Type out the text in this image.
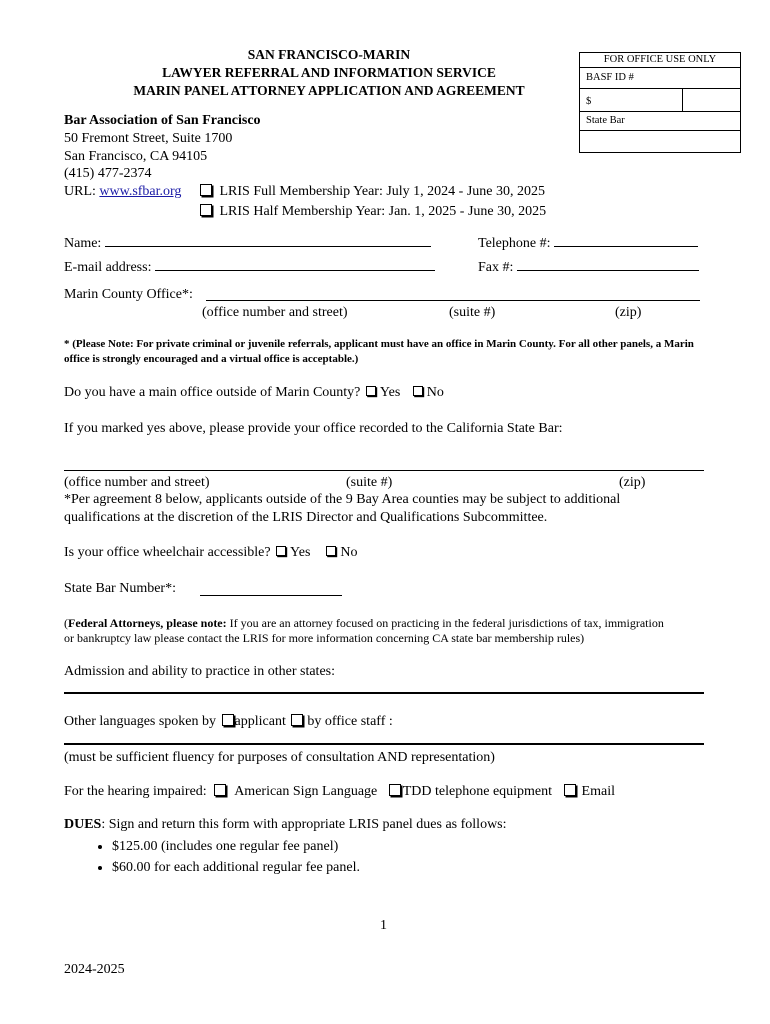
SAN FRANCISCO-MARIN
LAWYER REFERRAL AND INFORMATION SERVICE
MARIN PANEL ATTORNEY APPLICATION AND AGREEMENT
FOR OFFICE USE ONLY
BASF ID #
$
State Bar
Bar Association of San Francisco
50 Fremont Street, Suite 1700
San Francisco, CA 94105
(415) 477-2374
URL: www.sfbar.org	LRIS Full Membership Year: July 1, 2024 - June 30, 2025
LRIS Half Membership Year: Jan. 1, 2025 - June 30, 2025
Name:	Telephone #:
E-mail address:	Fax #:
Marin County Office*:
(office number and street)	(suite #)	(zip)
* (Please Note: For private criminal or juvenile referrals, applicant must have an office in Marin County. For all other panels, a Marin office is strongly encouraged and a virtual office is acceptable.)
Do you have a main office outside of Marin County? Yes No
If you marked yes above, please provide your office recorded to the California State Bar:
(office number and street)	(suite #)	(zip)
*Per agreement 8 below, applicants outside of the 9 Bay Area counties may be subject to additional
qualifications at the discretion of the LRIS Director and Qualifications Subcommittee.
Is your office wheelchair accessible? Yes No
State Bar Number*:
(Federal Attorneys, please note: If you are an attorney focused on practicing in the federal jurisdictions of tax, immigration
or bankruptcy law please contact the LRIS for more information concerning CA state bar membership rules)
Admission and ability to practice in other states:
Other languages spoken by applicant by office staff :
(must be sufficient fluency for purposes of consultation AND representation)
For the hearing impaired: American Sign Language TDD telephone equipment Email
DUES: Sign and return this form with appropriate LRIS panel dues as follows:
• $125.00 (includes one regular fee panel)
• $60.00 for each additional regular fee panel.
1
2024-2025
